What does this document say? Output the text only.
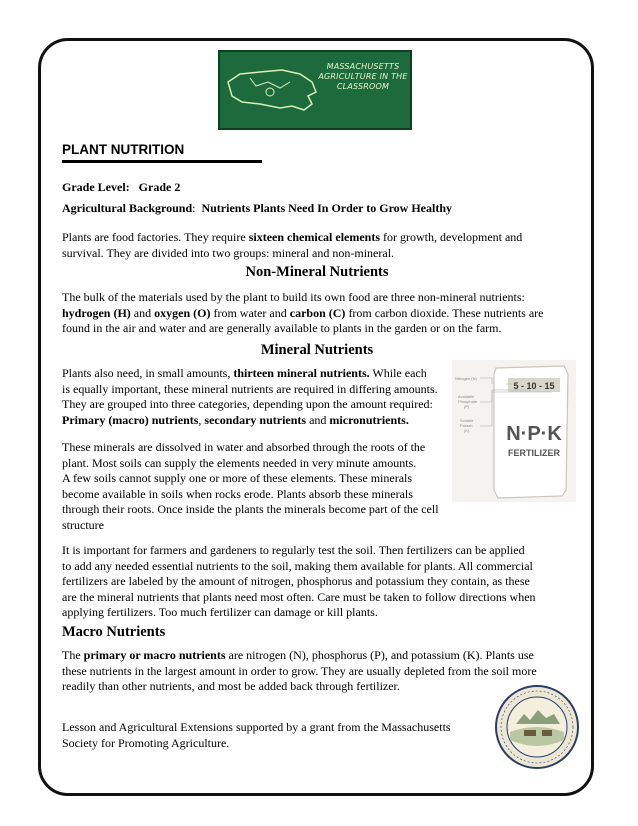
MASSACHUSETTS AGRICULTURE IN THE CLASSROOM
PLANT NUTRITION

Grade Level: Grade 2

Agricultural Background: Nutrients Plants Need In Order to Grow Healthy

Plants are food factories. They require sixteen chemical elements for growth, development and
survival. They are divided into two groups: mineral and non-mineral.

Non-Mineral Nutrients

The bulk of the materials used by the plant to build its own food are three non-mineral nutrients:
hydrogen (H) and oxygen (O) from water and carbon (C) from carbon dioxide. These nutrients are
found in the air and water and are generally available to plants in the garden or on the farm.

Mineral Nutrients

Plants also need, in small amounts, thirteen mineral nutrients. While each
is equally important, these mineral nutrients are required in differing amounts.
They are grouped into three categories, depending upon the amount required:
Primary (macro) nutrients, secondary nutrients and micronutrients.

These minerals are dissolved in water and absorbed through the roots of the
plant. Most soils can supply the elements needed in very minute amounts.
A few soils cannot supply one or more of these elements. These minerals
become available in soils when rocks erode. Plants absorb these minerals
through their roots. Once inside the plants the minerals become part of the cell
structure

It is important for farmers and gardeners to regularly test the soil. Then fertilizers can be applied
to add any needed essential nutrients to the soil, making them available for plants. All commercial
fertilizers are labeled by the amount of nitrogen, phosphorus and potassium they contain, as these
are the mineral nutrients that plants need most often. Care must be taken to follow directions when
applying fertilizers. Too much fertilizer can damage or kill plants.

5 - 10 - 15
N·P·K
FERTILIZER
Nitrogen (N)
Available
Phosphate
(P)
Soluble
Potash
(K)
Macro Nutrients

The primary or macro nutrients are nitrogen (N), phosphorus (P), and potassium (K). Plants use
these nutrients in the largest amount in order to grow. They are usually depleted from the soil more
readily than other nutrients, and most be added back through fertilizer.

Lesson and Agricultural Extensions supported by a grant from the Massachusetts
Society for Promoting Agriculture.
